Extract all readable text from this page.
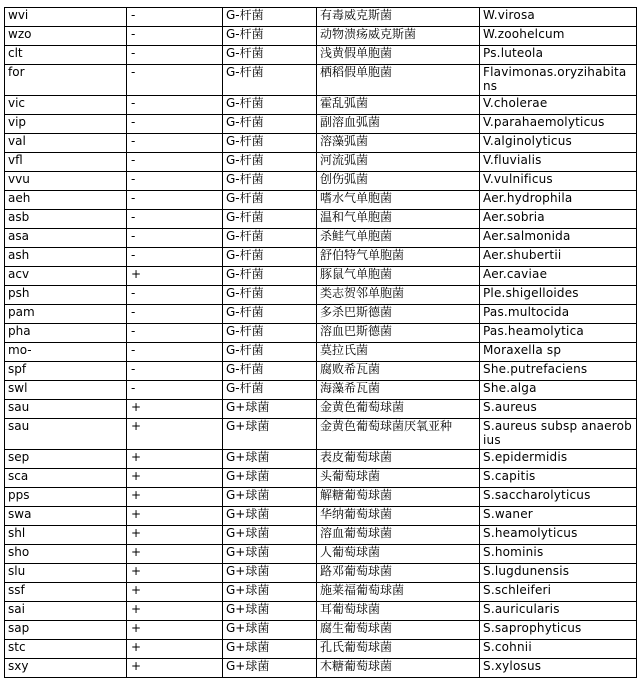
wvi	-	G-杆菌	有毒威克斯菌	W.virosa
wzo	-	G-杆菌	动物溃疡威克斯菌	W.zoohelcum
clt	-	G-杆菌	浅黄假单胞菌	Ps.luteola
for	-	G-杆菌	栖稻假单胞菌	Flavimonas.oryzihabitans
vic	-	G-杆菌	霍乱弧菌	V.cholerae
vip	-	G-杆菌	副溶血弧菌	V.parahaemolyticus
val	-	G-杆菌	溶藻弧菌	V.alginolyticus
vfl	-	G-杆菌	河流弧菌	V.fluvialis
vvu	-	G-杆菌	创伤弧菌	V.vulnificus
aeh	-	G-杆菌	嗜水气单胞菌	Aer.hydrophila
asb	-	G-杆菌	温和气单胞菌	Aer.sobria
asa	-	G-杆菌	杀鲑气单胞菌	Aer.salmonida
ash	-	G-杆菌	舒伯特气单胞菌	Aer.shubertii
acv	+	G-杆菌	豚鼠气单胞菌	Aer.caviae
psh	-	G-杆菌	类志贺邻单胞菌	Ple.shigelloides
pam	-	G-杆菌	多杀巴斯德菌	Pas.multocida
pha	-	G-杆菌	溶血巴斯德菌	Pas.heamolytica
mo-	-	G-杆菌	莫拉氏菌	Moraxella sp
spf	-	G-杆菌	腐败希瓦菌	She.putrefaciens
swl	-	G-杆菌	海藻希瓦菌	She.alga
sau	+	G+球菌	金黄色葡萄球菌	S.aureus
sau	+	G+球菌	金黄色葡萄球菌厌氧亚种	S.aureus subsp anaerobius
sep	+	G+球菌	表皮葡萄球菌	S.epidermidis
sca	+	G+球菌	头葡萄球菌	S.capitis
pps	+	G+球菌	解糖葡萄球菌	S.saccharolyticus
swa	+	G+球菌	华纳葡萄球菌	S.waner
shl	+	G+球菌	溶血葡萄球菌	S.heamolyticus
sho	+	G+球菌	人葡萄球菌	S.hominis
slu	+	G+球菌	路邓葡萄球菌	S.lugdunensis
ssf	+	G+球菌	施莱福葡萄球菌	S.schleiferi
sai	+	G+球菌	耳葡萄球菌	S.auricularis
sap	+	G+球菌	腐生葡萄球菌	S.saprophyticus
stc	+	G+球菌	孔氏葡萄球菌	S.cohnii
sxy	+	G+球菌	木糖葡萄球菌	S.xylosus
